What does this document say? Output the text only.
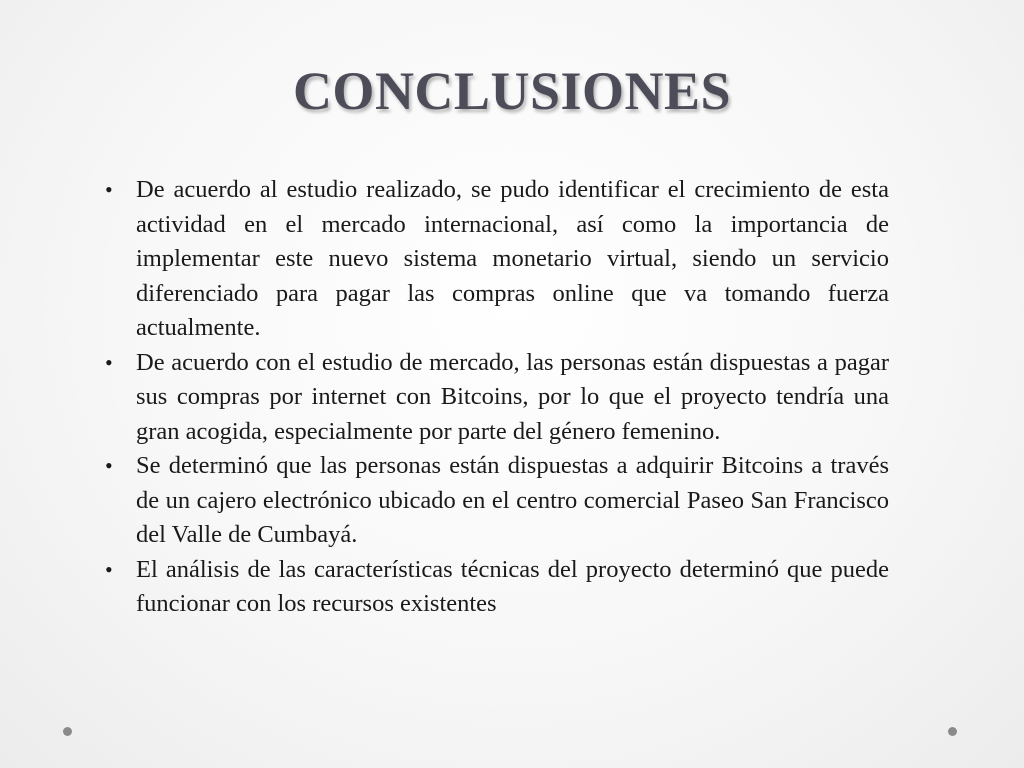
CONCLUSIONES
• De acuerdo al estudio realizado, se pudo identificar el crecimiento de esta actividad en el mercado internacional, así como la importancia de implementar este nuevo sistema monetario virtual, siendo un servicio diferenciado para pagar las compras online que va tomando fuerza actualmente.
• De acuerdo con el estudio de mercado, las personas están dispuestas a pagar sus compras por internet con Bitcoins, por lo que el proyecto tendría una gran acogida, especialmente por parte del género femenino.
• Se determinó que las personas están dispuestas a adquirir Bitcoins a través de un cajero electrónico ubicado en el centro comercial Paseo San Francisco del Valle de Cumbayá.
• El análisis de las características técnicas del proyecto determinó que puede funcionar con los recursos existentes
